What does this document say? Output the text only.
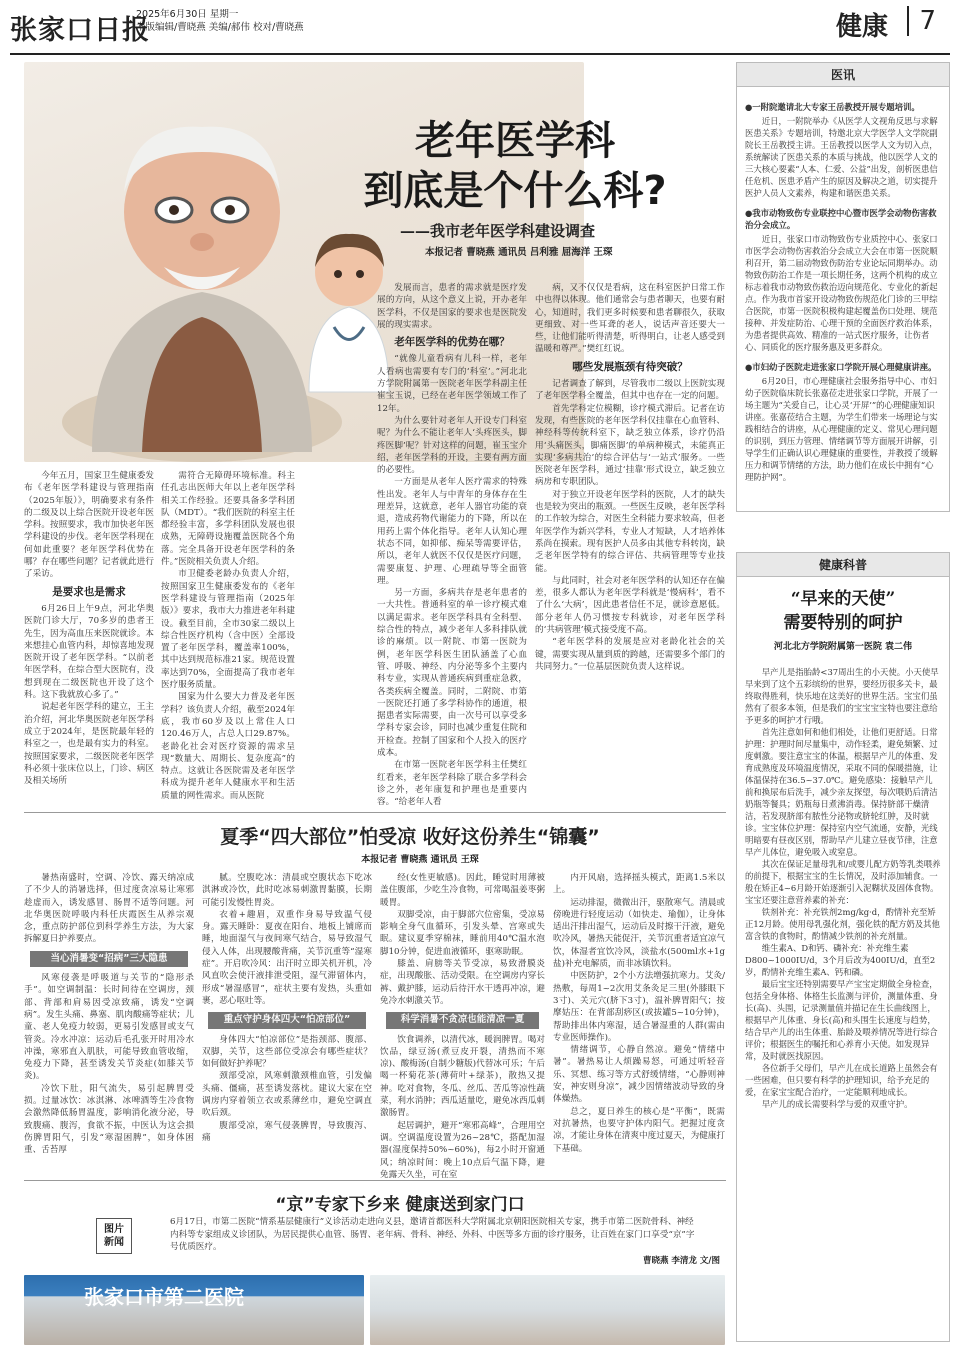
张家口日报
2025年6月30日 星期一
本版编辑/曹晓燕 美编/郝伟 校对/曹晓燕	健康	7
老年医学科
到底是个什么科?
——我市老年医学科建设调查
本报记者 曹晓燕 通讯员 吕利雅 屈海洋 王琛

今年五月，国家卫生健康委发布《老年医学科建设与管理指南（2025年版）》，明确要求有条件的二级及以上综合医院开设老年医学科。按照要求，我市加快老年医学科建设的步伐。老年医学科现在何如此重要？老年医学科优势在哪？存在哪些问题？记者就此进行了采访。

是要求也是需求

6月26日上午9点，河北华奥医院门诊大厅，70多岁的患者王先生，因为高血压来医院就诊。本来想挂心血管内科，却惊喜地发现医院开设了老年医学科。“以前老年医学科，在综合型大医院有，没想到现在二级医院也开设了这个科。这下我就放心多了。”

说起老年医学科的建立，王主治介绍，河北华奥医院老年医学科成立于2024年，是医院最年轻的科室之一，也是最有实力的科室。按照国家要求，二级医院老年医学科必须十张床位以上，门诊、病区及相关场所

需符合无障碍环境标准。科主任孔志出医师大年以上老年医学科相关工作经验。还要具备多学科团队（MDT）。“我们医院的科室主任都经验丰富，多学科团队发展也很成熟，无障碍设施覆盖医院各个角落。完全具备开设老年医学科的条件。”医院相关负责人介绍。

市卫健委老龄办负责人介绍，按照国家卫生健康委发布的《老年医学科建设与管理指南（2025年版）》要求，我市大力推进老年科建设。截至目前，全市30家二级以上综合性医疗机构（含中医）全部设置了老年医学科，覆盖率100%，其中达到规范标准21家。规范设置率达到70%，全面提高了我市老年医疗服务质量。

国家为什么要大力普及老年医学科？该负责人介绍，截至2024年底，我市60岁及以上常住人口120.46万人，占总人口29.87%。老龄化社会对医疗资源的需求呈现“数量大、周期长、复杂度高”的特点。这就让各医院需及老年医学科成为提升老年人健康水平和生活质量的网性需求。而从医院

发展而言，患者的需求就是医疗发展的方向，从这个意义上说，开办老年医学科，不仅是国家的要求也是医院发展的现实需求。

老年医学科的优势在哪？

“就像儿童看病有儿科一样，老年人看病也需要有专门的‘科室’。”河北北方学院附属第一医院老年医学科副主任崔宝玉说，已经在老年医学领域工作了12年。

为什么要针对老年人开设专门科室呢？为什么不能让老年人‘头疼医头，脚疼医脚’呢？针对这样的问题，崔玉宝介绍，老年医学科的开设，主要有两方面的必要性。

一方面是从老年人医疗需求的特殊性出发。老年人与中青年的身体存在生理差异，这就意，老年人器官功能的衰退，造成药物代谢能力的下降，所以在用药上需个体化指导。老年人认知心理状态不同，如抑郁、痴呆等需要评估，所以，老年人就医不仅仅是医疗问题，需要康复、护理、心理疏导等全面管理。

另一方面，多病共存是老年患者的一大共性。普通科室的单一诊疗模式难以满足需求。老年医学科具有全科型、综合性的特点，减少老年人多科排队就诊的麻烦。以一附院、市第一医院为例，老年医学科医生团队涵盖了心血管、呼吸、神经、内分泌等多个主要内科专业，实现从普通疾病到重症急救，各类疾病全覆盖。同时，二附院、市第一医院还打通了多学科协作的通道，根据患者实际需要，由一次号可以享受多学科专家会诊，同时也减少重复住院和开检查。控制了国家和个人投入的医疗成本。

在市第一医院老年医学科主任樊红红看来，老年医学科除了联合多学科会诊之外，老年康复和护理也是重要内容。“给老年人看

病，又不仅仅是看病，这在科室医护日常工作中也得以体现。他们通常会与患者聊天，也要有耐心，知道时，我们更多时候要和患者聊很久，获取更细致、对一些耳聋的老人，说话声音还要大一些，让他们能听得清楚，听得明白，让老人感受到温暖和尊严。”樊红红说。

哪些发展瓶颈有待突破？

记者调查了解到，尽管我市二级以上医院实现了老年医学科全覆盖，但其中也存在一定的问题。

首先学科定位模糊，诊疗模式滞后。记者在访发现，有些医院的老年医学科仅挂靠在心血管科、神经科等传统科室下，缺乏独立体系，诊疗仍沿用‘头痛医头，脚痛医脚’的单病种模式，未能真正实现‘多病共治’的综合评估与‘一站式’服务。一些医院老年医学科，通过‘挂靠’形式设立，缺乏独立病房和专职团队。

对于独立开设老年医学科的医院，人才的缺失也是较为突出的瓶颈。一些医生反映，老年医学科的工作较为综合，对医生全科能力要求较高，但老年医学作为新兴学科，专业人才短缺，人才培养体系尚在摸索。现有医护人员多由其他专科转岗，缺乏老年医学特有的综合评估、共病管理等专业技能。

与此同时，社会对老年医学科的认知还存在偏差，很多人都认为老年医学科就是‘慢病科’，看不了什么‘大病’，因此患者信任不足，就诊意愿低。部分老年人仍习惯按专科就诊，对老年医学科的‘共病管理’模式接受度不高。

“老年医学科的发展是应对老龄化社会的关键，需要实现从量到质的跨越，还需要多个部门的共同努力。”一位基层医院负责人这样说。

夏季“四大部位”怕受凉 收好这份养生“锦囊”
本报记者 曹晓燕 通讯员 王琛

暑热南盛时，空调、冷饮、露天纳凉成了不少人的消暑选择，但过度贪凉易让寒邪趁虚而入，诱发感冒、肠胃不适等问题。河北华奥医院呼吸内科任庆霞医生从养宗观念，重点防护部位到科学养生方法，为大家拆解夏日护养要点。

当心消暑变“招病”三大隐患

风寒侵袭是呼吸道与关节的“隐形杀手”。如空调制温：长时间待在空调房，颈部、背部和肩易因受凉致痛，诱发“空调病”。发生头痛、鼻塞、肌肉酸痛等症状；儿童、老人免疫力较弱，更易引发感冒或支气管炎。冷水冲凉：运动后毛孔张开时用冷水冲澡，寒邪直入肌肤，可能导致血管收缩，免疫力下降，甚至诱发关节炎症(如膝关节炎)。

冷饮下肚，阳气流失，易引起脾胃受损。过量冰饮：冰淇淋、冰啤酒等生冷食物会激然降低肠胃温度，影响消化液分泌，导致腹痛、腹泻，食欲不振，中医认为这会损伤脾胃阳气，引发“寒湿困脾”，如身体困重、舌苔厚

腻。空腹吃冰：清晨或空腹状态下吃冰淇淋或冷饮，此时吃冰易刺激胃黏膜，长期可能引发慢性胃炎。

衣着+趣眉，双重作身易导致温气侵身。露天睡卧：夏夜在阳台、地板上铺席而睡，地面湿气与夜间寒气结合，易导致湿气侵入人体，出现腰酸背痛，关节沉重等“湿寒症”。开启吹冷风：出汗时立即关机开机，冷风直吹会使汗液排泄受阻，湿气滞留体内，形成“暑湿感冒”，症状主要有发热，头重如裹，恶心呕吐等。

重点守护身体四大“怕凉部位”

身体四大“怕凉部位”是指颈部、腹部、双脚，关节，这些部位受凉会有哪些症状？如何做好护养呢？

颈部受凉，风寒刺激颈椎血管，引发偏头痛、僵痛，甚至诱发落枕。建议大家在空调房内穿着领立衣或系薄丝巾，避免空调直吹后颈。

腹部受凉，寒气侵袭脾胃，导致腹泻、痛

经(女性更敏感)。因此，睡觉时用薄被盖住腹部，少吃生冷食物，可常喝温姜枣粥暖胃。

双脚受凉，由于脚部穴位密集，受凉易影响全身气血循环，引发头晕、宫寒或失眠。建议夏季穿棉袜，睡前用40℃温水泡脚10分钟，促进血液循环，驱寒助眠。

膝盖、肩膀等关节受凉，易致滑膜炎症，出现酸胀、活动受限。在空调房内穿长裤、戴护膝，运动后待汗水干透再冲凉，避免冷水刺激关节。

科学消暑不贪凉也能清凉一夏

饮食调养，以清代冰，暖润脾胃。喝对饮品，绿豆汤(煮豆皮开裂，清热而不寒凉)、酸梅汤(自制少糖版)代替冰可乐；午后喝一杯菊花茶(薄荷叶+绿茶)，散热又提神。吃对食物，冬瓜、丝瓜、苦瓜等凉性蔬菜，利水消肿；西瓜适量吃，避免冰西瓜刺激肠胃。

起居调护，避开“寒邪高峰”，合理用空调。空调温度设置为26~28℃，搭配加湿器(湿度保持50%~60%)，每2小时开窗通风；纳凉时间：晚上10点后气温下降，避免露天久坐，可在室

内开风扇，选择摇头模式，距离1.5米以上。

运动排湿，微微出汗，驱散寒气。清晨或傍晚进行轻度运动（如快走、瑜伽），让身体适出汗排出湿气，运动后及时擦干汗液，避免吹冷风，暑热天能促汗，关节沉重者适宜凉气饮，体湿者宜饮冷风，淡盐水(500ml水+1g盐)补充电解质，而非冰镇饮料。

中医防护，2个小方法增强抗寒力。艾灸/热敷，每周1~2次用艾条灸足三里(外膝眼下3寸)、关元穴(脐下3寸)，温补脾胃阳气；按摩姑压：在背部刮痧区(或拔罐5~10分钟)，帮助排出体内寒湿，适合暑湿重的人群(需由专业医师操作)。

情绪调节，心静自然凉。避免“情绪中暑”。暑热易让人烦躁易怒，可通过听轻音乐、冥想、练习等方式舒缓情绪，“心静则神安，神安则身凉”，减少因情绪波动导致的身体燥热。

总之，夏日养生的核心是“平衡”，既需对抗暑热，也要守护体内阳气。把握过度贪凉，才能让身体在清爽中度过夏天，为健康打下基础。

“京”专家下乡来 健康送到家门口
图片
新闻
6月17日，市第二医院“情系基层健康行”义诊活动走进向义县，邀请首都医科大学附属北京朝阳医院相关专家，携手市第二医院骨科、神经内科等专家组成义诊团队，为居民提供心血管、肠胃、老年病、骨科、神经、外科、中医等多方面的诊疗服务，让百姓在家门口享受“京”字号优质医疗。
曹晓燕 李清龙 文/图
张家口市第二医院
医讯
●一附院邀请北大专家王岳教授开展专题培训。

近日，一附院举办《从医学人文视角反思与求解医患关系》专题培训，特邀北京大学医学人文学院副院长王岳教授主讲。王岳教授以医学人文为切入点，系统解读了医患关系的本质与挑战，他以医学人文的三大核心要素“人本、仁爱、公益”出发，剖析医患信任危机、医患矛盾产生的原因及解决之道，切实提升医护人员人文素养，构建和谐医患关系。

●我市动物致伤专业联控中心暨市医学会动物伤害救治分会成立。

近日，张家口市动物致伤专业质控中心、张家口市医学会动物伤害救治分会成立大会在市第一医院顺利召开，第二届动物致伤防治专业论坛同期举办。动物致伤防治工作是一项长期任务，这两个机构的成立标志着我市动物致伤救治迈向规范化、专业化的新起点。作为我市首家开设动物致伤规范化门诊的三甲综合医院，市第一医院积极构建起覆盖伤口处理、规范接种、并发症防治、心理干预的全面医疗救治体系，为患者提供高效、精准的一站式医疗服务，让伤者心、同质化的医疗服务惠及更多群众。

●市妇幼子医院走进张家口学院开展心理健康讲座。

6月20日，市心理健康社会服务指导中心、市妇幼子医院临床院长张嘉莅走进张家口学院，开展了一场主题为“关爱自己，让心灵‘开屏’”的心理健康知识讲座。张嘉莅结合主题，为学生们带来一场理论与实践相结合的讲座，从心理健康的定义、常见心理问题的识别，到压力管理、情绪调节等方面展开讲解，引导学生们正确认识心理健康的重要性，并教授了缓解压力和调节情绪的方法，助力他们在成长中拥有“心理防护网”。

健康科普
“早来的天使”
需要特别的呵护
河北北方学院附属第一医院 袁二伟

早产儿是指胎龄<37周出生的小天使。小天使早早来到了这个五彩缤纷的世界，要经历很多关卡，最终取得胜利，快乐地在这美好的世界生活。宝宝们虽然有了很多本领，但是我们的宝宝宝宝特也要注意给予更多的呵护才行哦。

首先注意如何和他们相处，让他们更舒适。日常护理：护理时间尽量集中，动作轻柔，避免频繁、过度刺激。要注意宝宝的体温，根据早产儿的体重、发育成熟度及环境温度情况，采取不同的保暖措施，让体温保持在36.5~37.0℃。避免感染：接触早产儿前和换尿布后洗手，减少亲友探望，每次喂奶后清洁奶瓶等餐具；奶瓶每日煮沸消毒。保持脐部干燥清洁，若发现脐部有脓性分泌物或脐轮红肿，及时就诊。宝宝体位护理：保持室内空气流通，安静，光线明暗要有昼夜区别，帮助早产儿建立昼夜节律，注意早产儿体位，避免吸入或窒息。

其次在保证足量母乳和/或婴儿配方奶等乳类喂养的前提下，根据宝宝的生长情况，及时添加辅食。一般在矫正4~6月龄开始逐渐引入泥糊状及固体食物。宝宝还要注意营养素的补充：

铁剂补充：补充铁剂2mg/kg·d，酌情补充至矫正12月龄。使用母乳强化剂，强化铁的配方奶及其他富含铁的食物时，酌情减少铁剂的补充剂量。

维生素A、D和钙、磷补充：补充维生素D800~1000IU/d，3个月后改为400IU/d，直至2岁，酌情补充维生素A、钙和磷。

最后宝宝还特别需要早产宝宝定期做全身检查，包括全身体格、体格生长监测与评价，测量体重、身长(高)、头围，记录测量值并描记在生长曲线图上，根据早产儿体重、身长(高)和头围生长速度与趋势，结合早产儿的出生体重、胎龄及喂养情况等进行综合评价；根据医生的嘱托和心养育小天使。如发现异常，及时就医找原因。

各位新手父母们，早产儿在成长道路上虽然会有一些困难，但只要有科学的护理知识，给予充足的爱，在家宝宝配合治疗，一定能顺利地成长。

早产儿的成长需要科学与爱的双重守护。
